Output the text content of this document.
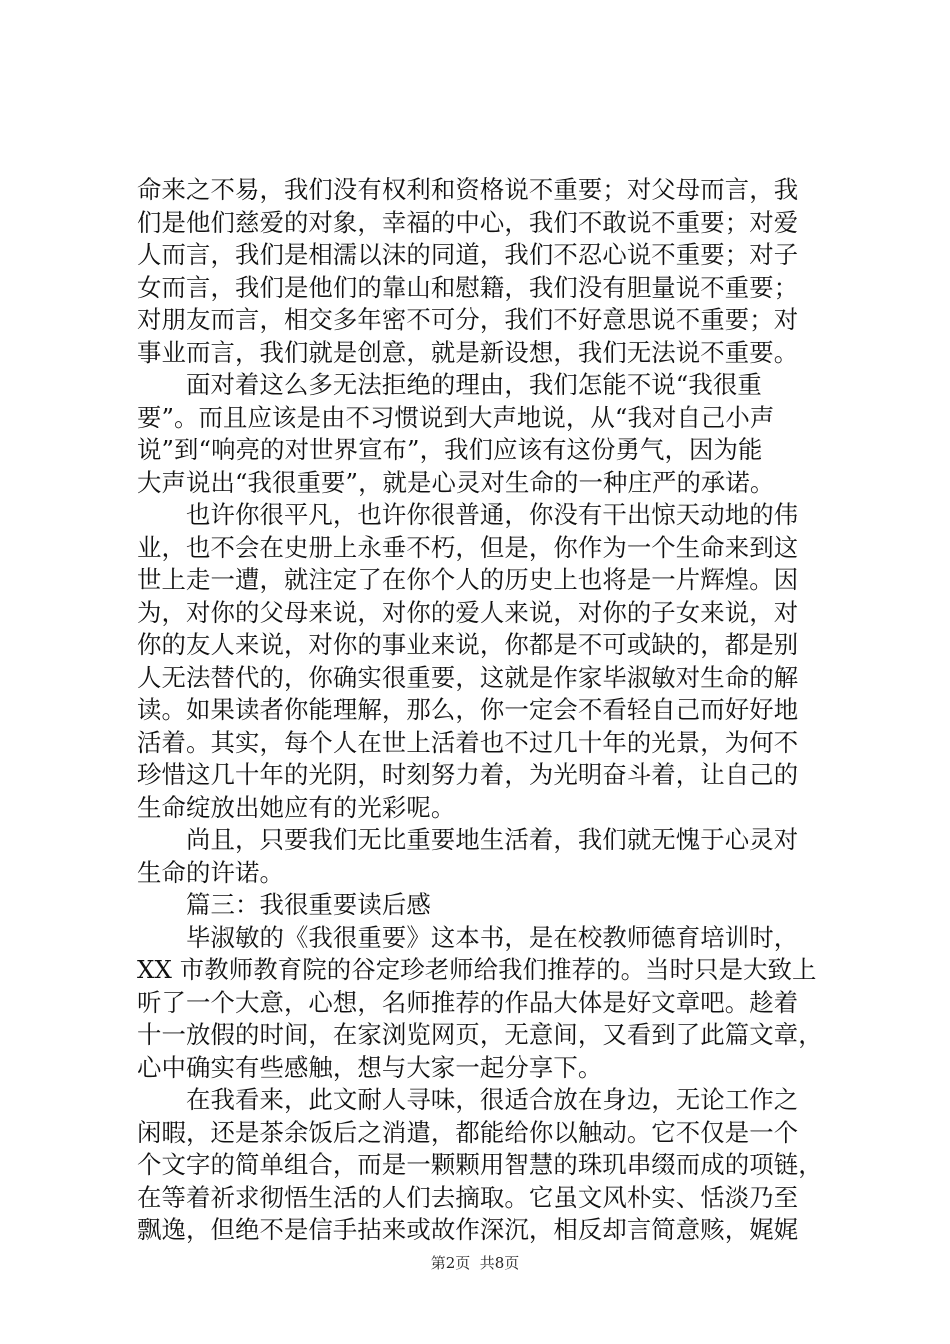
命来之不易，我们没有权利和资格说不重要；对父母而言，我
们是他们慈爱的对象，幸福的中心，我们不敢说不重要；对爱
人而言，我们是相濡以沫的同道，我们不忍心说不重要；对子
女而言，我们是他们的靠山和慰籍，我们没有胆量说不重要；
对朋友而言，相交多年密不可分，我们不好意思说不重要；对
事业而言，我们就是创意，就是新设想，我们无法说不重要。
　　面对着这么多无法拒绝的理由，我们怎能不说“我很重
要”。而且应该是由不习惯说到大声地说，从“我对自己小声
说”到“响亮的对世界宣布”，我们应该有这份勇气，因为能
大声说出“我很重要”，就是心灵对生命的一种庄严的承诺。
　　也许你很平凡，也许你很普通，你没有干出惊天动地的伟
业，也不会在史册上永垂不朽，但是，你作为一个生命来到这
世上走一遭，就注定了在你个人的历史上也将是一片辉煌。因
为，对你的父母来说，对你的爱人来说，对你的子女来说，对
你的友人来说，对你的事业来说，你都是不可或缺的，都是别
人无法替代的，你确实很重要，这就是作家毕淑敏对生命的解
读。如果读者你能理解，那么，你一定会不看轻自己而好好地
活着。其实，每个人在世上活着也不过几十年的光景，为何不
珍惜这几十年的光阴，时刻努力着，为光明奋斗着，让自己的
生命绽放出她应有的光彩呢。
　　尚且，只要我们无比重要地生活着，我们就无愧于心灵对
生命的许诺。
　　篇三：我很重要读后感
　　毕淑敏的《我很重要》这本书，是在校教师德育培训时，
XX 市教师教育院的谷定珍老师给我们推荐的。当时只是大致上
听了一个大意，心想，名师推荐的作品大体是好文章吧。趁着
十一放假的时间，在家浏览网页，无意间，又看到了此篇文章，
心中确实有些感触，想与大家一起分享下。
　　在我看来，此文耐人寻味，很适合放在身边，无论工作之
闲暇，还是茶余饭后之消遣，都能给你以触动。它不仅是一个
个文字的简单组合，而是一颗颗用智慧的珠玑串缀而成的项链，
在等着祈求彻悟生活的人们去摘取。它虽文风朴实、恬淡乃至
飘逸，但绝不是信手拈来或故作深沉，相反却言简意赅，娓娓
第2页  共8页
